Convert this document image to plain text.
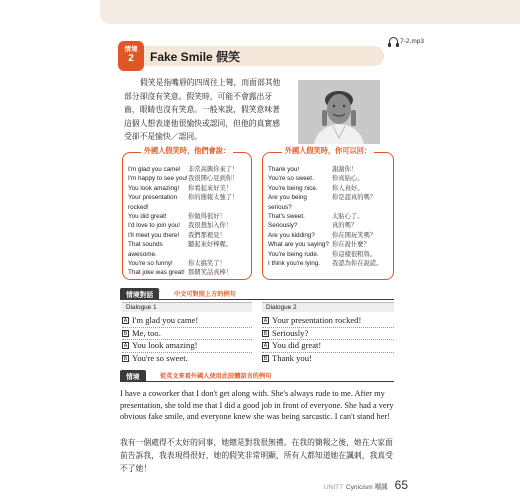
7-2.mp3
情境
2	Fake Smile 假笑

假笑是指嘴唇的四周往上彎，而面部其他部分卻沒有笑意。假笑時，可能不會露出牙齒，眼睛也沒有笑意。一般來說，假笑意味著這個人想表達他很愉快或認同，但他的真實感受卻不是愉快／認同。

外國人假笑時，他們會說：
I'm glad you came!	非常高興你來了！
I'm happy to see you! 我很開心見到你！
You look amazing!	你看起來好美！
Your presentation	你的簡報太強了！
rocked!
You did great!	你做得很好！
I'd love to join you!	我很想加入你！
I'll meet you there!	我們那裡見！
That sounds awesome.
聽起來好棒喔。
You're so funny!	你太搞笑了！
That joke was great! 那個笑話真棒！
外國人假笑時，你可以回：
Thank you!	謝謝你！
You're so sweet.	你真貼心。
You're being nice.	你人真好。
Are you being	你是認真的嗎？
serious?
That's sweet.	太貼心了。
Seriously?	真的嗎？
Are you kidding?	你在開玩笑嗎？
What are you saying? 你在說什麼？
You're being rude.	你這樣很粗魯。
I think you're lying.	我認為你在說謊。
情境對話	中文可對照上方的例句
Dialogue 1
A I'm glad you came!
B Me, too.
A You look amazing!
B You're so sweet.
Dialogue 2
A Your presentation rocked!
B Seriously?
A You did great!
B Thank you!
情境	從英文來看外國人使用此肢體語言的例句

I have a coworker that I don't get along with. She's always rude to me. After my presentation, she told me that I did a good job in front of everyone. She had a very obvious fake smile, and everyone knew she was being sarcastic. I can't stand her!

我有一個處得不太好的同事，她總是對我很無禮。在我的簡報之後，她在大家面前告訴我，我表現得很好，她的假笑非常明顯，所有人都知道她在諷刺，我真受不了她！

UNIT7 Cynicism 嘲諷 65
